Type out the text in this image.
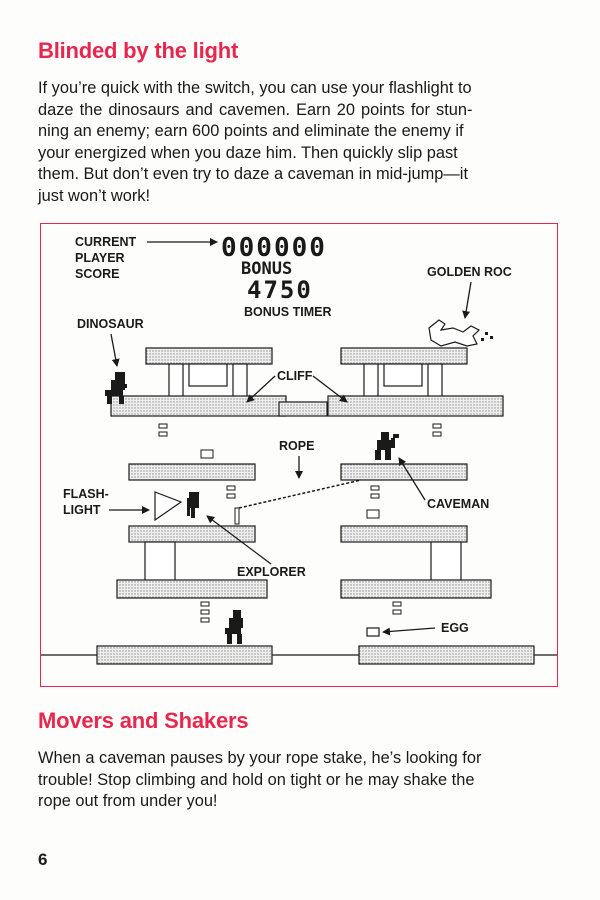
Blinded by the light
If you’re quick with the switch, you can use your flashlight to
daze the dinosaurs and cavemen. Earn 20 points for stun-
ning an enemy; earn 600 points and eliminate the enemy if
your energized when you daze him. Then quickly slip past
them. But don’t even try to daze a caveman in mid-jump—it
just won’t work!
000000
BONUS
4750
CURRENT
PLAYER
SCORE
BONUS TIMER
GOLDEN ROC
DINOSAUR
CLIFF
ROPE
FLASH-
LIGHT	CAVEMAN
EXPLORER
EGG
Movers and Shakers
When a caveman pauses by your rope stake, he’s looking for
trouble! Stop climbing and hold on tight or he may shake the
rope out from under you!
6
